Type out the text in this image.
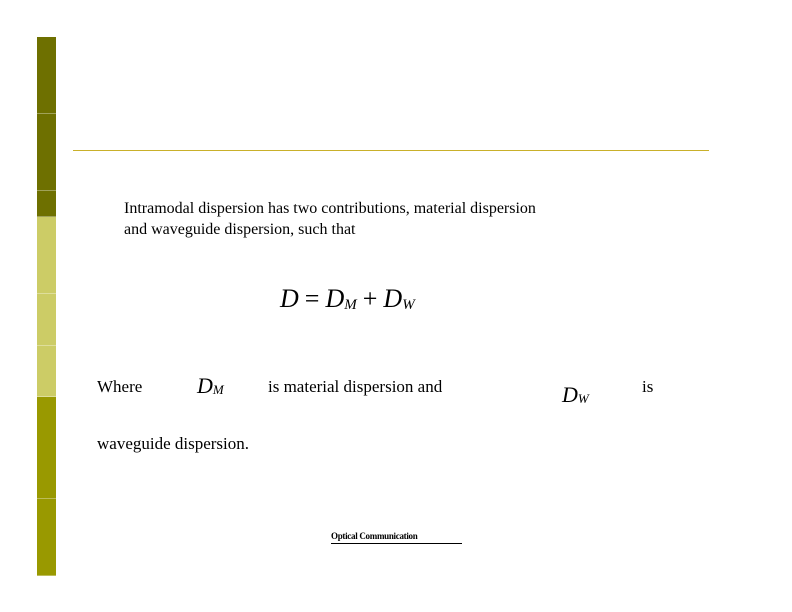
Intramodal dispersion has two contributions, material dispersion
and waveguide dispersion, such that
$D = D_M + D_W$
Where $D_M$	is material dispersion and	$D_W$
is
waveguide dispersion.
Optical Communication
